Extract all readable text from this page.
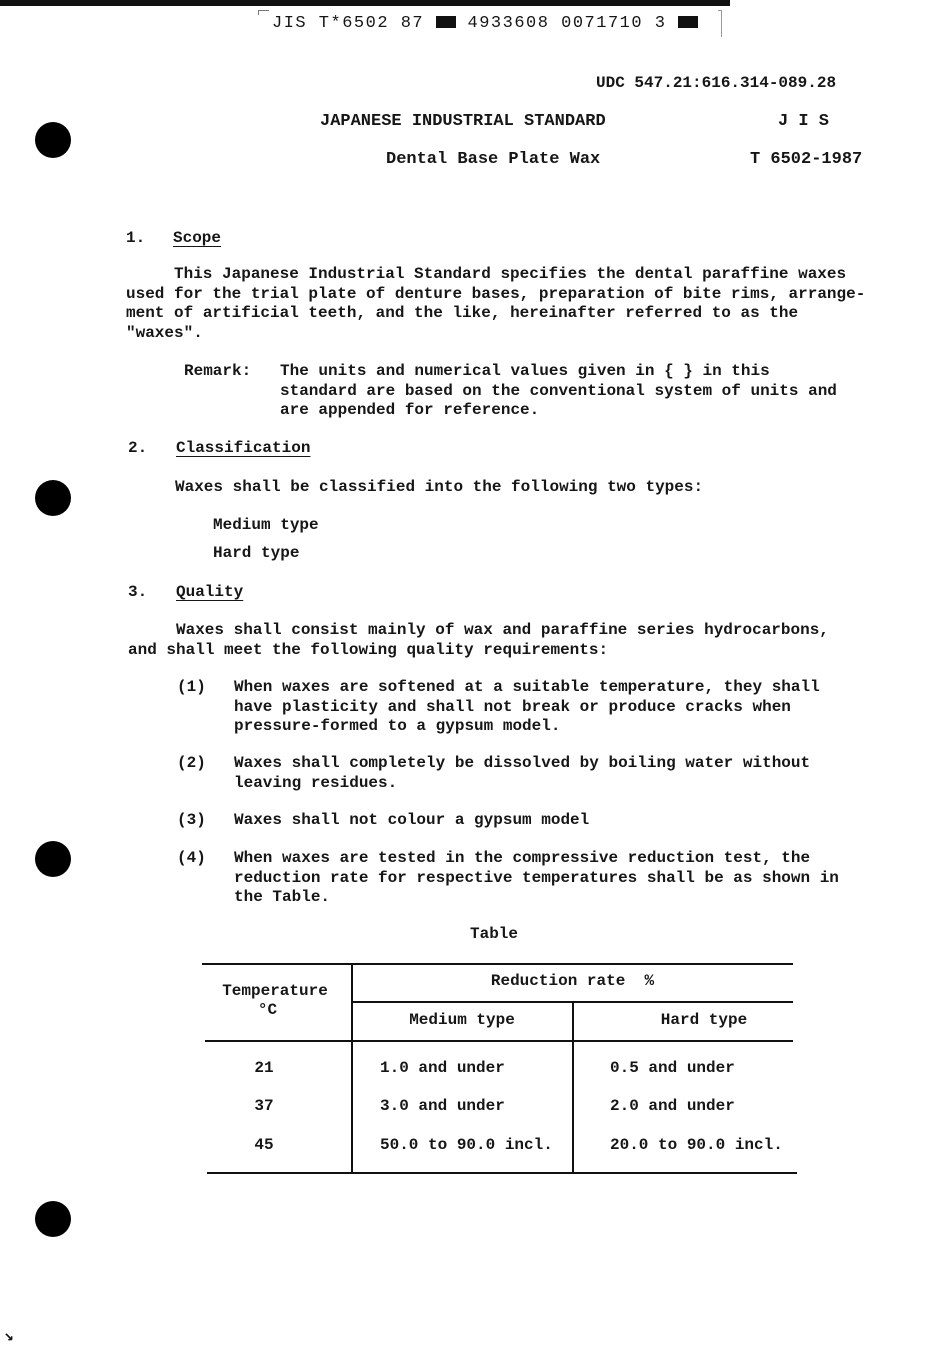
JIS T*6502 87	4933608 0071710 3
UDC 547.21:616.314-089.28
JAPANESE INDUSTRIAL STANDARD	J I S
Dental Base Plate Wax	T 6502-1987
1. Scope
This Japanese Industrial Standard specifies the dental paraffine waxes
used for the trial plate of denture bases, preparation of bite rims, arrange-
ment of artificial teeth, and the like, hereinafter referred to as the
"waxes".
Remark: The units and numerical values given in { } in this
standard are based on the conventional system of units and
are appended for reference.
2. Classification
Waxes shall be classified into the following two types:
Medium type
Hard type
3. Quality
Waxes shall consist mainly of wax and paraffine series hydrocarbons,
and shall meet the following quality requirements:
(1) When waxes are softened at a suitable temperature, they shall
have plasticity and shall not break or produce cracks when
pressure-formed to a gypsum model.
(2) Waxes shall completely be dissolved by boiling water without
leaving residues.
(3) Waxes shall not colour a gypsum model
(4) When waxes are tested in the compressive reduction test, the
reduction rate for respective temperatures shall be as shown in
the Table.
Table
Temperature
°C
Reduction rate  %
Medium type	Hard type
21	1.0 and under	0.5 and under
37	3.0 and under	2.0 and under
45	50.0 to 90.0 incl.	20.0 to 90.0 incl.
↘
